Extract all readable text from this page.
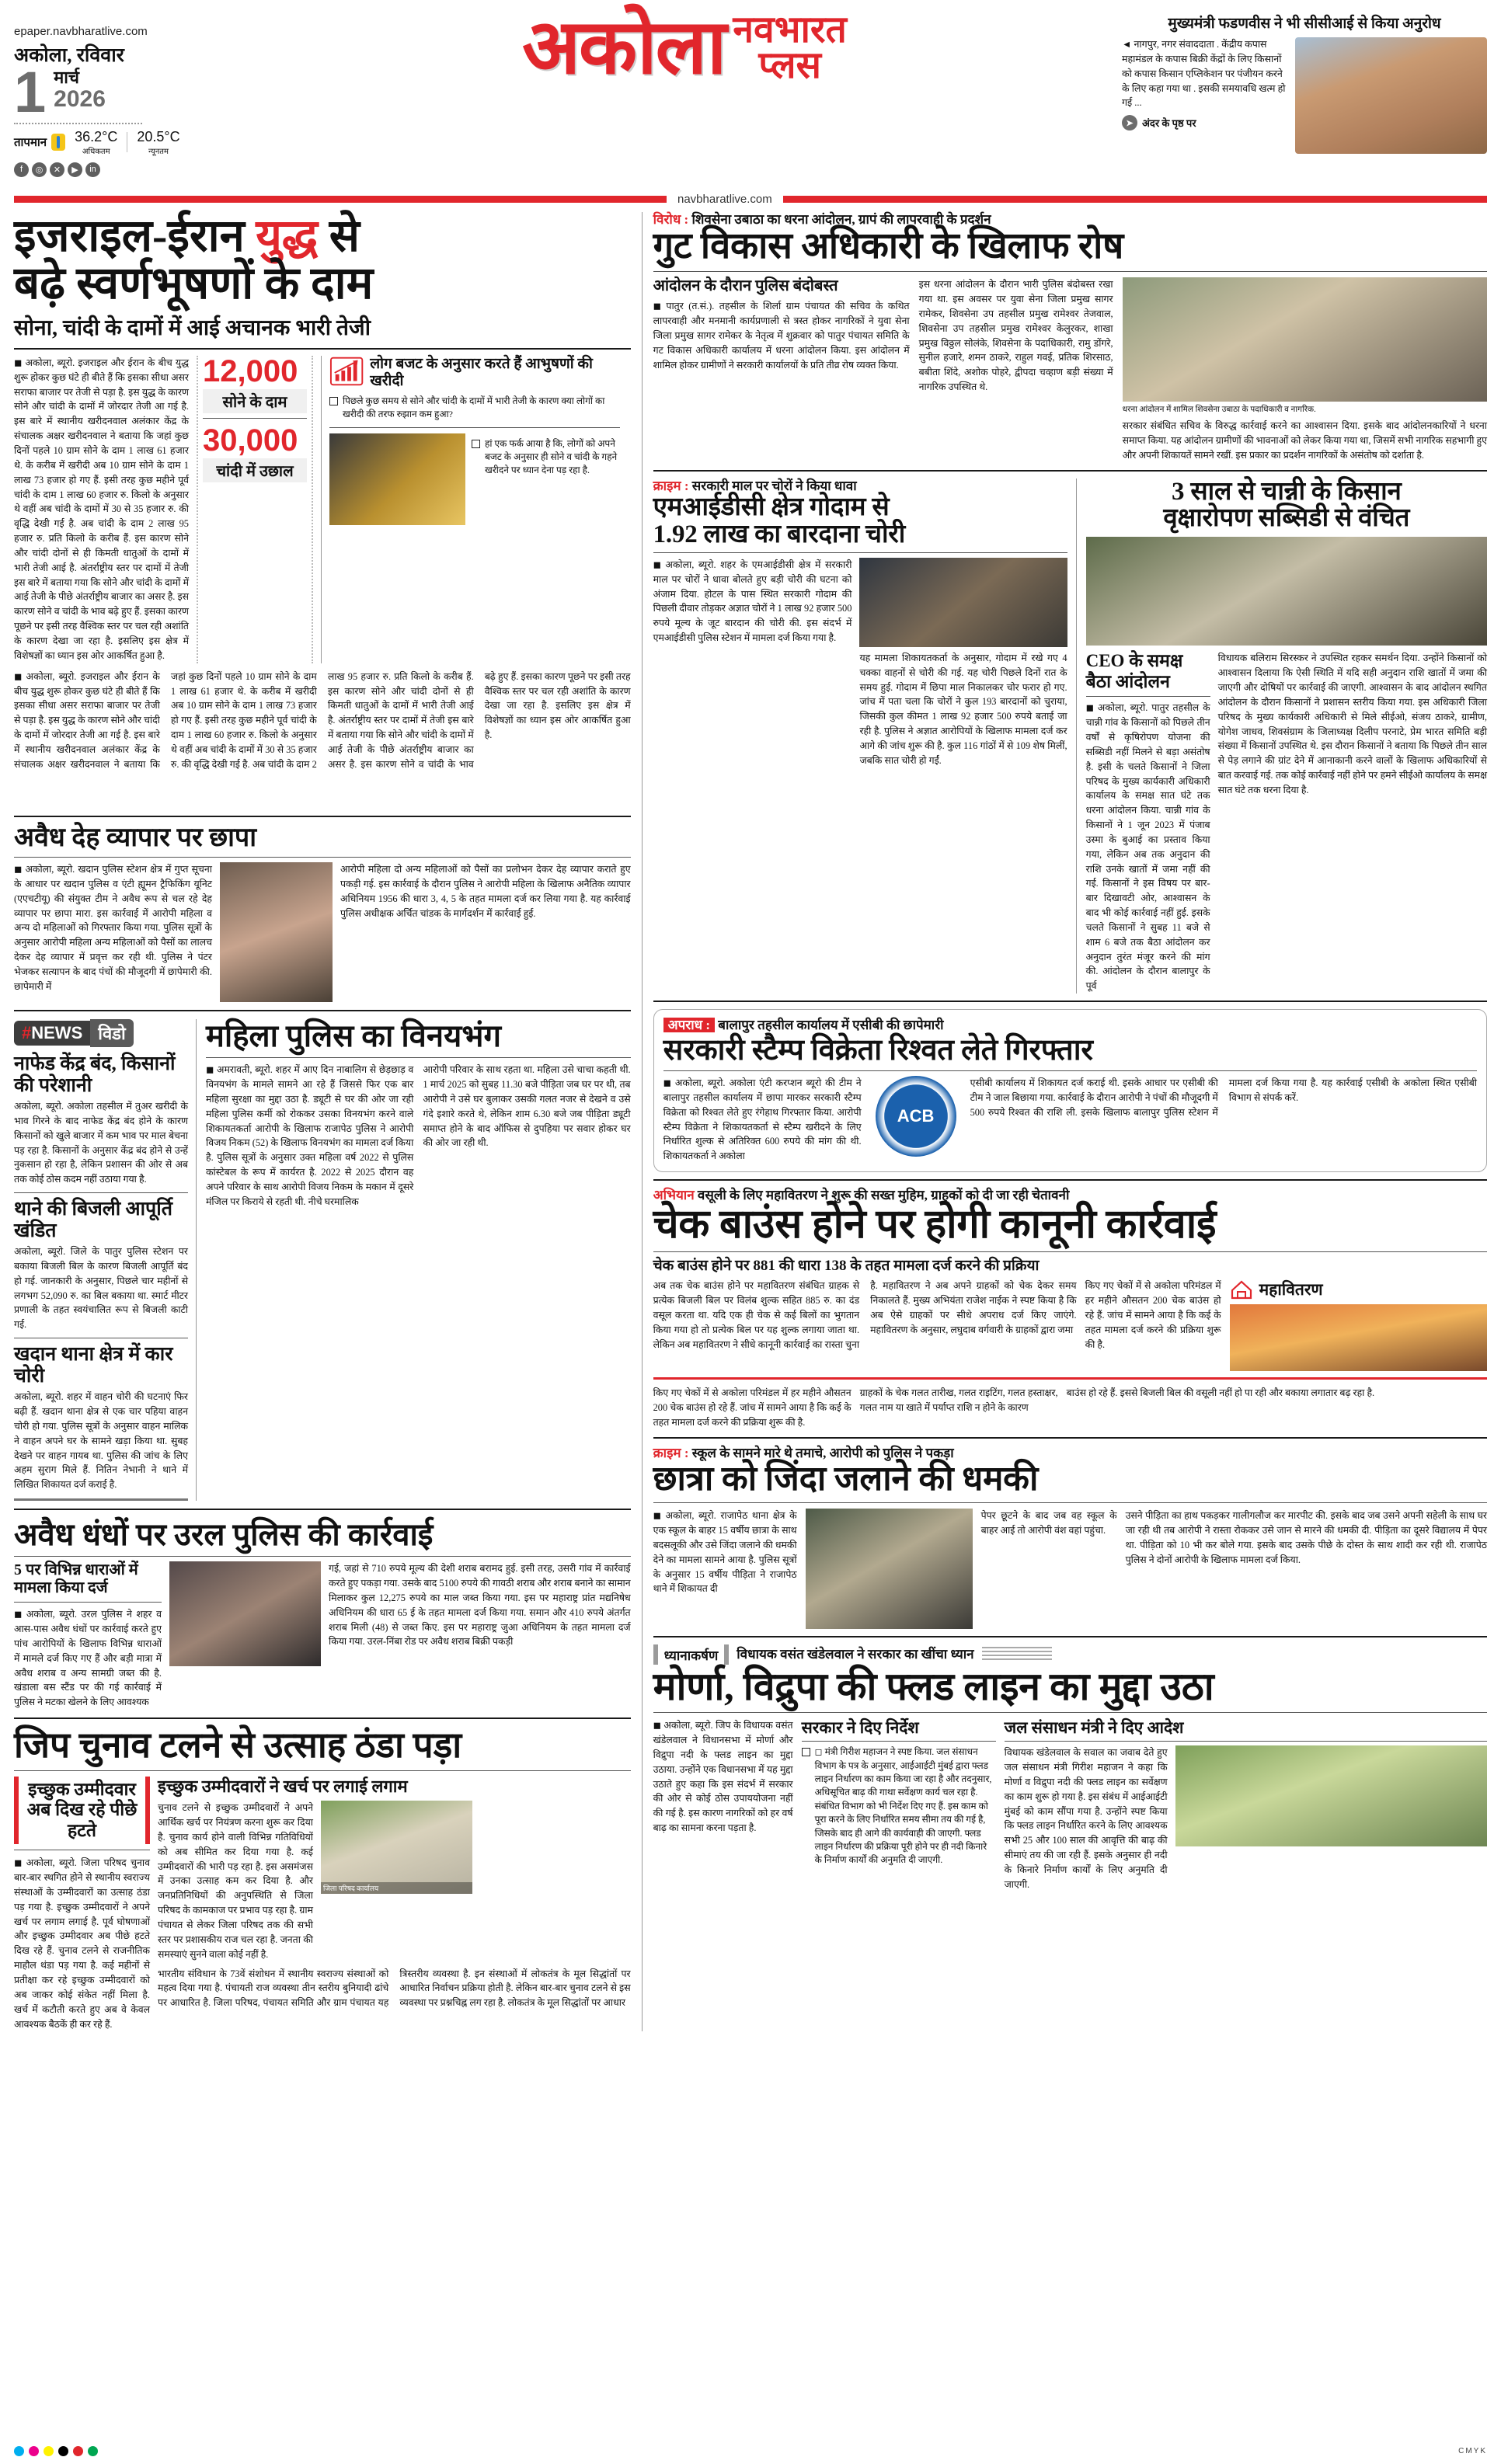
epaper.navbharatlive.com
अकोला, रविवार
1 मार्च
2026
तापमान 36.2°C
अधिकतम
20.5°C
न्यूनतम
f	◎	✕	▶	in
अकोला नवभारत
प्लस
मुख्यमंत्री फडणवीस ने भी सीसीआई से किया अनुरोध
◄ नागपुर, नगर संवाददाता . केंद्रीय कपास महामंडल के कपास बिक्री केंद्रों के लिए किसानों को कपास किसान एप्लिकेशन पर पंजीयन करने के लिए कहा गया था . इसकी समयावधि खत्म हो गई ...
➤ अंदर के पृष्ठ पर
navbharatlive.com
इजराइल-ईरान युद्ध से
बढ़े स्वर्णभूषणों के दाम
सोना, चांदी के दामों में आई अचानक भारी तेजी
◼ अकोला, ब्यूरो. इजराइल और ईरान के बीच युद्ध शुरू होकर कुछ घंटे ही बीते हैं कि इसका सीधा असर सराफा बाजार पर तेजी से पड़ा है. इस युद्ध के कारण सोने और चांदी के दामों में जोरदार तेजी आ गई है. इस बारे में स्थानीय खरीदनवाल अलंकार केंद्र के संचालक अक्षर खरीदनवाल ने बताया कि जहां कुछ दिनों पहले 10 ग्राम सोने के दाम 1 लाख 61 हजार थे. के करीब में खरीदी अब 10 ग्राम सोने के दाम 1 लाख 73 हजार हो गए हैं. इसी तरह कुछ महीने पूर्व चांदी के दाम 1 लाख 60 हजार रु. किलो के अनुसार थे वहीं अब चांदी के दामों में 30 से 35 हजार रु. की वृद्धि देखी गई है. अब चांदी के दाम 2 लाख 95 हजार रु. प्रति किलो के करीब हैं. इस कारण सोने और चांदी दोनों से ही किमती धातुओं के दामों में भारी तेजी आई है. अंतर्राष्ट्रीय स्तर पर दामों में तेजी इस बारे में बताया गया कि सोने और चांदी के दामों में आई तेजी के पीछे अंतर्राष्ट्रीय बाजार का असर है. इस कारण सोने व चांदी के भाव बढ़े हुए हैं. इसका कारण पूछने पर इसी तरह वैश्विक स्तर पर चल रही अशांति के कारण देखा जा रहा है. इसलिए इस क्षेत्र में विशेषज्ञों का ध्यान इस ओर आकर्षित हुआ है.
12,000
सोने के दाम
30,000
चांदी में उछाल
लोग बजट के अनुसार करते हैं आभुषणों की खरीदी
पिछले कुछ समय से सोने और चांदी के दामों में भारी तेजी के कारण क्या लोगों का खरीदी की तरफ रुझान कम हुआ?
हां एक फर्क आया है कि, लोगों को अपने बजट के अनुसार ही सोने व चांदी के गहने खरीदने पर ध्यान देना पड़ रहा है.
◼ अकोला, ब्यूरो. इजराइल और ईरान के बीच युद्ध शुरू होकर कुछ घंटे ही बीते हैं कि इसका सीधा असर सराफा बाजार पर तेजी से पड़ा है. इस युद्ध के कारण सोने और चांदी के दामों में जोरदार तेजी आ गई है. इस बारे में स्थानीय खरीदनवाल अलंकार केंद्र के संचालक अक्षर खरीदनवाल ने बताया कि जहां कुछ दिनों पहले 10 ग्राम सोने के दाम 1 लाख 61 हजार थे. के करीब में खरीदी अब 10 ग्राम सोने के दाम 1 लाख 73 हजार हो गए हैं. इसी तरह कुछ महीने पूर्व चांदी के दाम 1 लाख 60 हजार रु. किलो के अनुसार थे वहीं अब चांदी के दामों में 30 से 35 हजार रु. की वृद्धि देखी गई है. अब चांदी के दाम 2 लाख 95 हजार रु. प्रति किलो के करीब हैं. इस कारण सोने और चांदी दोनों से ही किमती धातुओं के दामों में भारी तेजी आई है. अंतर्राष्ट्रीय स्तर पर दामों में तेजी इस बारे में बताया गया कि सोने और चांदी के दामों में आई तेजी के पीछे अंतर्राष्ट्रीय बाजार का असर है. इस कारण सोने व चांदी के भाव बढ़े हुए हैं. इसका कारण पूछने पर इसी तरह वैश्विक स्तर पर चल रही अशांति के कारण देखा जा रहा है. इसलिए इस क्षेत्र में विशेषज्ञों का ध्यान इस ओर आकर्षित हुआ है.
अवैध देह व्यापार पर छापा
◼ अकोला, ब्यूरो. खदान पुलिस स्टेशन क्षेत्र में गुप्त सूचना के आधार पर खदान पुलिस व एंटी ह्यूमन ट्रैफिकिंग यूनिट (एएचटीयू) की संयुक्त टीम ने अवैध रूप से चल रहे देह व्यापार पर छापा मारा. इस कार्रवाई में आरोपी महिला व अन्य दो महिलाओं को गिरफ्तार किया गया. पुलिस सूत्रों के अनुसार आरोपी महिला अन्य महिलाओं को पैसों का लालच देकर देह व्यापार में प्रवृत्त कर रही थी. पुलिस ने पंटर भेजकर सत्यापन के बाद पंचों की मौजूदगी में छापेमारी की. छापेमारी में
आरोपी महिला दो अन्य महिलाओं को पैसों का प्रलोभन देकर देह व्यापार कराते हुए पकड़ी गई. इस कार्रवाई के दौरान पुलिस ने आरोपी महिला के खिलाफ अनैतिक व्यापार अधिनियम 1956 की धारा 3, 4, 5 के तहत मामला दर्ज कर लिया गया है. यह कार्रवाई पुलिस अधीक्षक अर्चित चांडक के मार्गदर्शन में कार्रवाई हुई.
#NEWS विडो
नाफेड केंद्र बंद, किसानों की परेशानी
अकोला, ब्यूरो. अकोला तहसील में तुअर खरीदी के भाव गिरने के बाद नाफेड केंद्र बंद होने के कारण किसानों को खुले बाजार में कम भाव पर माल बेचना पड़ रहा है. किसानों के अनुसार केंद्र बंद होने से उन्हें नुकसान हो रहा है, लेकिन प्रशासन की ओर से अब तक कोई ठोस कदम नहीं उठाया गया है.
थाने की बिजली आपूर्ति खंडित
अकोला, ब्यूरो. जिले के पातुर पुलिस स्टेशन पर बकाया बिजली बिल के कारण बिजली आपूर्ति बंद हो गई. जानकारी के अनुसार, पिछले चार महीनों से लगभग 52,090 रु. का बिल बकाया था. स्मार्ट मीटर प्रणाली के तहत स्वयंचालित रूप से बिजली काटी गई.
खदान थाना क्षेत्र में कार चोरी
अकोला, ब्यूरो. शहर में वाहन चोरी की घटनाएं फिर बढ़ी हैं. खदान थाना क्षेत्र से एक चार पहिया वाहन चोरी हो गया. पुलिस सूत्रों के अनुसार वाहन मालिक ने वाहन अपने घर के सामने खड़ा किया था. सुबह देखने पर वाहन गायब था. पुलिस की जांच के लिए अहम सुराग मिले हैं. नितिन नेभानी ने थाने में लिखित शिकायत दर्ज कराई है.
महिला पुलिस का विनयभंग
◼ अमरावती, ब्यूरो. शहर में आए दिन नाबालिग से छेड़छाड़ व विनयभंग के मामले सामने आ रहे हैं जिससे फिर एक बार महिला सुरक्षा का मुद्दा उठा है. ड्यूटी से घर की ओर जा रही महिला पुलिस कर्मी को रोककर उसका विनयभंग करने वाले शिकायतकर्ता आरोपी के खिलाफ राजापेठ पुलिस ने आरोपी विजय निकम (52) के खिलाफ विनयभंग का मामला दर्ज किया है. पुलिस सूत्रों के अनुसार उक्त महिला वर्ष 2022 से पुलिस कांस्टेबल के रूप में कार्यरत है. 2022 से 2025 दौरान वह अपने परिवार के साथ आरोपी विजय निकम के मकान में दूसरे मंजिल पर किराये से रहती थी. नीचे घरमालिक
आरोपी परिवार के साथ रहता था. महिला उसे चाचा कहती थी. 1 मार्च 2025 को सुबह 11.30 बजे पीड़िता जब घर पर थी, तब आरोपी ने उसे घर बुलाकर उसकी गलत नजर से देखने व उसे गंदे इशारे करते थे, लेकिन शाम 6.30 बजे जब पीड़िता ड्यूटी समाप्त होने के बाद ऑफिस से दुपहिया पर सवार होकर घर की ओर जा रही थी.
अवैध धंधों पर उरल पुलिस की कार्रवाई
5 पर विभिन्न धाराओं में मामला किया दर्ज
◼ अकोला, ब्यूरो. उरल पुलिस ने शहर व आस-पास अवैध धंधों पर कार्रवाई करते हुए पांच आरोपियों के खिलाफ विभिन्न धाराओं में मामले दर्ज किए गए हैं और बड़ी मात्रा में अवैध शराब व अन्य सामग्री जब्त की है. खंडाला बस स्टैंड पर की गई कार्रवाई में पुलिस ने मटका खेलने के लिए आवश्यक
गई, जहां से 710 रुपये मूल्य की देशी शराब बरामद हुई. इसी तरह, उसरी गांव में कार्रवाई करते हुए पकड़ा गया. उसके बाद 5100 रुपये की गावठी शराब और शराब बनाने का सामान मिलाकर कुल 12,275 रुपये का माल जब्त किया गया. इस पर महाराष्ट्र प्रांत मद्यनिषेध अधिनियम की धारा 65 ई के तहत मामला दर्ज किया गया. समान और 410 रुपये अंतर्गत शराब मिली (48) से जब्त किए. इस पर महाराष्ट्र जुआ अधिनियम के तहत मामला दर्ज किया गया. उरल-निंबा रोड पर अवैध शराब बिक्री पकड़ी
जिप चुनाव टलने से उत्साह ठंडा पड़ा
इच्छुक उम्मीदवार
अब दिख रहे पीछे
हटते
◼ अकोला, ब्यूरो. जिला परिषद चुनाव बार-बार स्थगित होने से स्थानीय स्वराज्य संस्थाओं के उम्मीदवारों का उत्साह ठंडा पड़ गया है. इच्छुक उम्मीदवारों ने अपने खर्च पर लगाम लगाई है. पूर्व घोषणाओं और इच्छुक उम्मीदवार अब पीछे हटते दिख रहे हैं. चुनाव टलने से राजनीतिक माहौल थंडा पड़ गया है. कई महीनों से प्रतीक्षा कर रहे इच्छुक उम्मीदवारों को अब जाकर कोई संकेत नहीं मिला है. खर्च में कटौती करते हुए अब वे केवल आवश्यक बैठकें ही कर रहे हैं.
इच्छुक उम्मीदवारों ने खर्च पर लगाई लगाम
चुनाव टलने से इच्छुक उम्मीदवारों ने अपने आर्थिक खर्च पर नियंत्रण करना शुरू कर दिया है. चुनाव कार्य होने वाली विभिन्न गतिविधियों को अब सीमित कर दिया गया है. कई उम्मीदवारों की भारी पड़ रहा है. इस असमंजस में उनका उत्साह कम कर दिया है. और जनप्रतिनिधियों की अनुपस्थिति से जिला परिषद के कामकाज पर प्रभाव पड़ रहा है. ग्राम पंचायत से लेकर जिला परिषद तक की सभी स्तर पर प्रशासकीय राज चल रहा है. जनता की समस्याएं सुनने वाला कोई नहीं है.
जिला परिषद कार्यालय
भारतीय संविधान के 73वें संशोधन में स्थानीय स्वराज्य संस्थाओं को महत्व दिया गया है. पंचायती राज व्यवस्था तीन स्तरीय बुनियादी ढांचे पर आधारित है. जिला परिषद, पंचायत समिति और ग्राम पंचायत यह त्रिस्तरीय व्यवस्था है. इन संस्थाओं में लोकतंत्र के मूल सिद्धांतों पर आधारित निर्वाचन प्रक्रिया होती है. लेकिन बार-बार चुनाव टलने से इस व्यवस्था पर प्रश्नचिह्न लग रहा है. लोकतंत्र के मूल सिद्धांतों पर आधार
विरोध : शिवसेना उबाठा का धरना आंदोलन, ग्रापं की लापरवाही के प्रदर्शन
गुट विकास अधिकारी के खिलाफ रोष
आंदोलन के दौरान पुलिस बंदोबस्त
◼ पातुर (त.सं.). तहसील के शिर्ला ग्राम पंचायत की सचिव के कथित लापरवाही और मनमानी कार्यप्रणाली से त्रस्त होकर नागरिकों ने युवा सेना जिला प्रमुख सागर रामेकर के नेतृत्व में शुक्रवार को पातुर पंचायत समिति के गट विकास अधिकारी कार्यालय में धरना आंदोलन किया. इस आंदोलन में शामिल होकर ग्रामीणों ने सरकारी कार्यालयों के प्रति तीव्र रोष व्यक्त किया.
इस धरना आंदोलन के दौरान भारी पुलिस बंदोबस्त रखा गया था. इस अवसर पर युवा सेना जिला प्रमुख सागर रामेकर, शिवसेना उप तहसील प्रमुख रामेश्वर तेजवाल, शिवसेना उप तहसील प्रमुख रामेश्वर केलुरकर, शाखा प्रमुख विठ्ठल सोलंके, शिवसेना के पदाधिकारी, रामु डोंगरे, सुनील हजारे, शमन ठाकरे, राहुल गवई, प्रतिक शिरसाठ, बबीता शिंदे, अशोक पोहरे, द्वीपदा चव्हाण बड़ी संख्या में नागरिक उपस्थित थे.
धरना आंदोलन में शामिल शिवसेना उबाठा के पदाधिकारी व नागरिक.
सरकार संबंधित सचिव के विरुद्ध कार्रवाई करने का आश्वासन दिया. इसके बाद आंदोलनकारियों ने धरना समाप्त किया. यह आंदोलन ग्रामीणों की भावनाओं को लेकर किया गया था, जिसमें सभी नागरिक सहभागी हुए और अपनी शिकायतें सामने रखीं. इस प्रकार का प्रदर्शन नागरिकों के असंतोष को दर्शाता है.
क्राइम : सरकारी माल पर चोरों ने किया धावा
एमआईडीसी क्षेत्र गोदाम से
1.92 लाख का बारदाना चोरी
◼ अकोला, ब्यूरो. शहर के एमआईडीसी क्षेत्र में सरकारी माल पर चोरों ने धावा बोलते हुए बड़ी चोरी की घटना को अंजाम दिया. होटल के पास स्थित सरकारी गोदाम की पिछली दीवार तोड़कर अज्ञात चोरों ने 1 लाख 92 हजार 500 रुपये मूल्य के जूट बारदान की चोरी की. इस संदर्भ में एमआईडीसी पुलिस स्टेशन में मामला दर्ज किया गया है.
यह मामला शिकायतकर्ता के अनुसार, गोदाम में रखे गए 4 चक्का वाहनों से चोरी की गई. यह चोरी पिछले दिनों रात के समय हुई. गोदाम में छिपा माल निकालकर चोर फरार हो गए. जांच में पता चला कि चोरों ने कुल 193 बारदानों को चुराया, जिसकी कुल कीमत 1 लाख 92 हजार 500 रुपये बताई जा रही है. पुलिस ने अज्ञात आरोपियों के खिलाफ मामला दर्ज कर आगे की जांच शुरू की है. कुल 116 गांठों में से 109 शेष मिलीं, जबकि सात चोरी हो गईं.
3 साल से चान्नी के किसान
वृक्षारोपण सब्सिडी से वंचित
CEO के समक्ष
बैठा आंदोलन
◼ अकोला, ब्यूरो. पातुर तहसील के चान्नी गांव के किसानों को पिछले तीन वर्षों से कृषिरोपण योजना की सब्सिडी नहीं मिलने से बड़ा असंतोष है. इसी के चलते किसानों ने जिला परिषद के मुख्य कार्यकारी अधिकारी कार्यालय के समक्ष सात घंटे तक धरना आंदोलन किया. चान्नी गांव के किसानों ने 1 जून 2023 में पंजाब उस्मा के बुआई का प्रस्ताव किया गया, लेकिन अब तक अनुदान की राशि उनके खातों में जमा नहीं की गई. किसानों ने इस विषय पर बार-बार दिखावटी ओर, आश्वासन के बाद भी कोई कार्रवाई नहीं हुई. इसके चलते किसानों ने सुबह 11 बजे से शाम 6 बजे तक बैठा आंदोलन कर अनुदान तुरंत मंजूर करने की मांग की. आंदोलन के दौरान बालापुर के पूर्व
विधायक बलिराम सिरस्कर ने उपस्थित रहकर समर्थन दिया. उन्होंने किसानों को आश्वासन दिलाया कि ऐसी स्थिति में यदि सही अनुदान राशि खातों में जमा की जाएगी और दोषियों पर कार्रवाई की जाएगी. आश्वासन के बाद आंदोलन स्थगित आंदोलन के दौरान किसानों ने प्रशासन स्तरीय किया गया. इस अधिकारी जिला परिषद के मुख्य कार्यकारी अधिकारी से मिले सीईओ, संजय ठाकरे, ग्रामीण, योगेश जाधव, शिवसंग्राम के जिलाध्यक्ष दिलीप परनाटे, प्रेम भारत समिति बड़ी संख्या में किसानों उपस्थित थे. इस दौरान किसानों ने बताया कि पिछले तीन साल से पेड़ लगाने की ग्रांट देने में आनाकानी करने वालों के खिलाफ अधिकारियों से बात करवाई गई. तक कोई कार्रवाई नहीं होने पर हमने सीईओ कार्यालय के समक्ष सात घंटे तक धरना दिया है.
अपराध : बालापुर तहसील कार्यालय में एसीबी की छापेमारी
सरकारी स्टैम्प विक्रेता रिश्वत लेते गिरफ्तार
◼ अकोला, ब्यूरो. अकोला एंटी करप्शन ब्यूरो की टीम ने बालापुर तहसील कार्यालय में छापा मारकर सरकारी स्टैम्प विक्रेता को रिश्वत लेते हुए रंगेहाथ गिरफ्तार किया. आरोपी स्टैम्प विक्रेता ने शिकायतकर्ता से स्टैम्प खरीदने के लिए निर्धारित शुल्क से अतिरिक्त 600 रुपये की मांग की थी. शिकायतकर्ता ने अकोला
ACB
एसीबी कार्यालय में शिकायत दर्ज कराई थी. इसके आधार पर एसीबी की टीम ने जाल बिछाया गया. कार्रवाई के दौरान आरोपी ने पंचों की मौजूदगी में 500 रुपये रिश्वत की राशि ली. इसके खिलाफ बालापुर पुलिस स्टेशन में मामला दर्ज किया गया है. यह कार्रवाई एसीबी के अकोला स्थित एसीबी विभाग से संपर्क करें.
अभियान वसूली के लिए महावितरण ने शुरू की सख्त मुहिम, ग्राहकों को दी जा रही चेतावनी
चेक बाउंस होने पर होगी कानूनी कार्रवाई
चेक बाउंस होने पर 881 की धारा 138 के तहत मामला दर्ज करने की प्रक्रिया
अब तक चेक बाउंस होने पर महावितरण संबंधित ग्राहक से प्रत्येक बिजली बिल पर विलंब शुल्क सहित 885 रु. का दंड वसूल करता था. यदि एक ही चेक से कई बिलों का भुगतान किया गया हो तो प्रत्येक बिल पर यह शुल्क लगाया जाता था. लेकिन अब महावितरण ने सीधे कानूनी कार्रवाई का रास्ता चुना है. महावितरण ने अब अपने ग्राहकों को चेक देकर समय निकालते हैं. मुख्य अभियंता राजेश नाईक ने स्पष्ट किया है कि अब ऐसे ग्राहकों पर सीधे अपराध दर्ज किए जाएंगे. महावितरण के अनुसार, लघुदाब वर्गवारी के ग्राहकों द्वारा जमा
किए गए चेकों में से अकोला परिमंडल में हर महीने औसतन 200 चेक बाउंस हो रहे हैं. जांच में सामने आया है कि कई के तहत मामला दर्ज करने की प्रक्रिया शुरू की है.
महावितरण
किए गए चेकों में से अकोला परिमंडल में हर महीने औसतन 200 चेक बाउंस हो रहे हैं. जांच में सामने आया है कि कई के तहत मामला दर्ज करने की प्रक्रिया शुरू की है.
ग्राहकों के चेक गलत तारीख, गलत राइटिंग, गलत हस्ताक्षर, गलत नाम या खाते में पर्याप्त राशि न होने के कारण
बाउंस हो रहे हैं. इससे बिजली बिल की वसूली नहीं हो पा रही और बकाया लगातार बढ़ रहा है.
क्राइम : स्कूल के सामने मारे थे तमाचे, आरोपी को पुलिस ने पकड़ा
छात्रा को जिंदा जलाने की धमकी
◼ अकोला, ब्यूरो. राजापेठ थाना क्षेत्र के एक स्कूल के बाहर 15 वर्षीय छात्रा के साथ बदसलूकी और उसे जिंदा जलाने की धमकी देने का मामला सामने आया है. पुलिस सूत्रों के अनुसार 15 वर्षीय पीड़िता ने राजापेठ थाने में शिकायत दी
पेपर छूटने के बाद जब वह स्कूल के बाहर आई तो आरोपी वंश वहां पहुंचा.
उसने पीड़िता का हाथ पकड़कर गालीगलौज कर मारपीट की. इसके बाद जब उसने अपनी सहेली के साथ घर जा रही थी तब आरोपी ने रास्ता रोककर उसे जान से मारने की धमकी दी. पीड़िता का दूसरे विद्यालय में पेपर था. पीड़िता को 10 भी कर बोले गया. इसके बाद उसके पीछे के दोस्त के साथ शादी कर रही थी. राजापेठ पुलिस ने दोनों आरोपी के खिलाफ मामला दर्ज किया.
ध्यानाकर्षण विधायक वसंत खंडेलवाल ने सरकार का खींचा ध्यान
मोर्णा, विद्रुपा की फ्लड लाइन का मुद्दा उठा
◼ अकोला, ब्यूरो. जिप के विधायक वसंत खंडेलवाल ने विधानसभा में मोर्णा और विद्रुपा नदी के फ्लड लाइन का मुद्दा उठाया. उन्होंने एक विधानसभा में यह मुद्दा उठाते हुए कहा कि इस संदर्भ में सरकार की ओर से कोई ठोस उपाययोजना नहीं की गई है. इस कारण नागरिकों को हर वर्ष बाढ़ का सामना करना पड़ता है.
सरकार ने दिए निर्देश
◻ मंत्री गिरीश महाजन ने स्पष्ट किया. जल संसाधन विभाग के पत्र के अनुसार, आईआईटी मुंबई द्वारा फ्लड लाइन निर्धारण का काम किया जा रहा है और तदनुसार, अधिसूचित बाढ़ की गाथा सर्वेक्षण कार्य चल रहा है. संबंधित विभाग को भी निर्देश दिए गए हैं. इस काम को पूरा करने के लिए निर्धारित समय सीमा तय की गई है, जिसके बाद ही आगे की कार्यवाही की जाएगी. फ्लड लाइन निर्धारण की प्रक्रिया पूरी होने पर ही नदी किनारे के निर्माण कार्यों की अनुमति दी जाएगी.
जल संसाधन मंत्री ने दिए आदेश
विधायक खंडेलवाल के सवाल का जवाब देते हुए जल संसाधन मंत्री गिरीश महाजन ने कहा कि मोर्णा व विद्रुपा नदी की फ्लड लाइन का सर्वेक्षण का काम शुरू हो गया है. इस संबंध में आईआईटी मुंबई को काम सौंपा गया है. उन्होंने स्पष्ट किया कि फ्लड लाइन निर्धारित करने के लिए आवश्यक सभी 25 और 100 साल की आवृत्ति की बाढ़ की सीमाएं तय की जा रही हैं. इसके अनुसार ही नदी के किनारे निर्माण कार्यों के लिए अनुमति दी जाएगी.
CMYK
